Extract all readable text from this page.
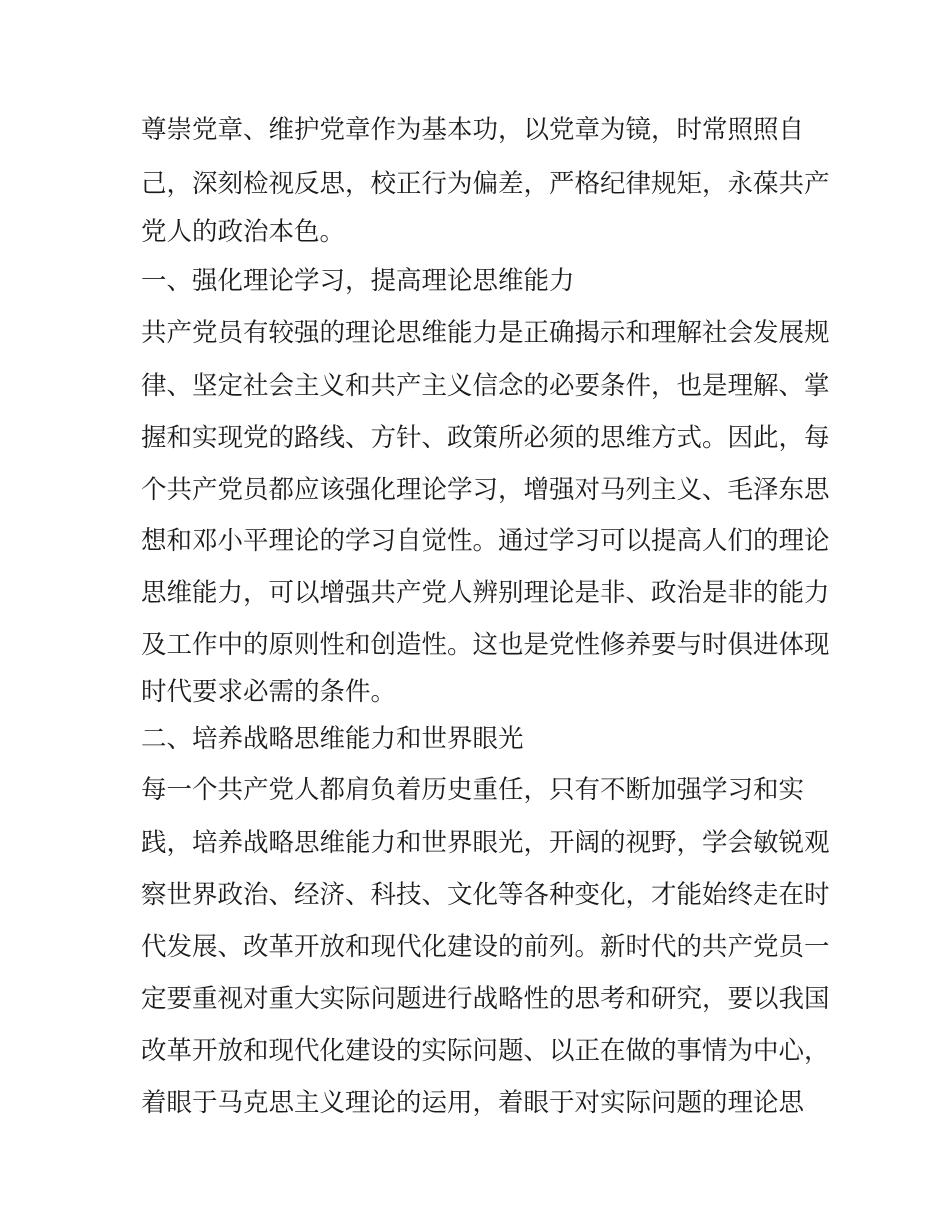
尊崇党章、维护党章作为基本功，以党章为镜，时常照照自
己，深刻检视反思，校正行为偏差，严格纪律规矩，永葆共产
党人的政治本色。
一、强化理论学习，提高理论思维能力
共产党员有较强的理论思维能力是正确揭示和理解社会发展规
律、坚定社会主义和共产主义信念的必要条件，也是理解、掌
握和实现党的路线、方针、政策所必须的思维方式。因此，每
个共产党员都应该强化理论学习，增强对马列主义、毛泽东思
想和邓小平理论的学习自觉性。通过学习可以提高人们的理论
思维能力，可以增强共产党人辨别理论是非、政治是非的能力
及工作中的原则性和创造性。这也是党性修养要与时俱进体现
时代要求必需的条件。
二、培养战略思维能力和世界眼光
每一个共产党人都肩负着历史重任，只有不断加强学习和实
践，培养战略思维能力和世界眼光，开阔的视野，学会敏锐观
察世界政治、经济、科技、文化等各种变化，才能始终走在时
代发展、改革开放和现代化建设的前列。新时代的共产党员一
定要重视对重大实际问题进行战略性的思考和研究，要以我国
改革开放和现代化建设的实际问题、以正在做的事情为中心，
着眼于马克思主义理论的运用，着眼于对实际问题的理论思
